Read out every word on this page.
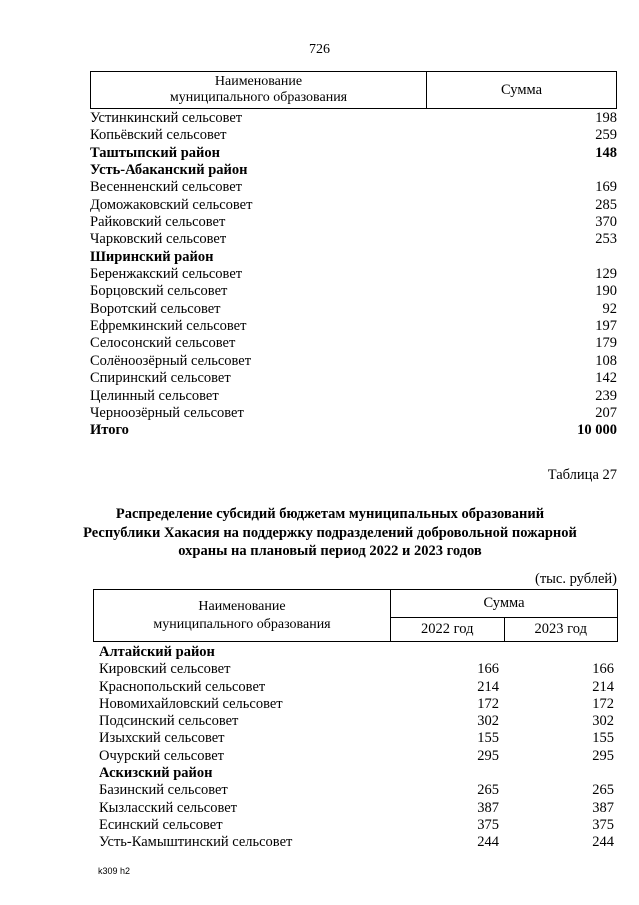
726
Наименование
муниципального образования	Сумма
Устинкинский сельсовет	198
Копьёвский сельсовет	259
Таштыпский район	148
Усть-Абаканский район
Весенненский сельсовет	169
Доможаковский сельсовет	285
Райковский сельсовет	370
Чарковский сельсовет	253
Ширинский район
Беренжакский сельсовет	129
Борцовский сельсовет	190
Воротский сельсовет	92
Ефремкинский сельсовет	197
Селосонский сельсовет	179
Солёноозёрный сельсовет	108
Спиринский сельсовет	142
Целинный сельсовет	239
Черноозёрный сельсовет	207
Итого	10 000
Таблица 27
Распределение субсидий бюджетам муниципальных образований
Республики Хакасия на поддержку подразделений добровольной пожарной
охраны на плановый период 2022 и 2023 годов
(тыс. рублей)
Наименование
муниципального образования
Сумма
2022 год	2023 год
Алтайский район
Кировский сельсовет	166	166
Краснопольский сельсовет	214	214
Новомихайловский сельсовет	172	172
Подсинский сельсовет	302	302
Изыхский сельсовет	155	155
Очурский сельсовет	295	295
Аскизский район
Базинский сельсовет	265	265
Кызласский сельсовет	387	387
Есинский сельсовет	375	375
Усть-Камыштинский сельсовет	244	244
k309 h2
